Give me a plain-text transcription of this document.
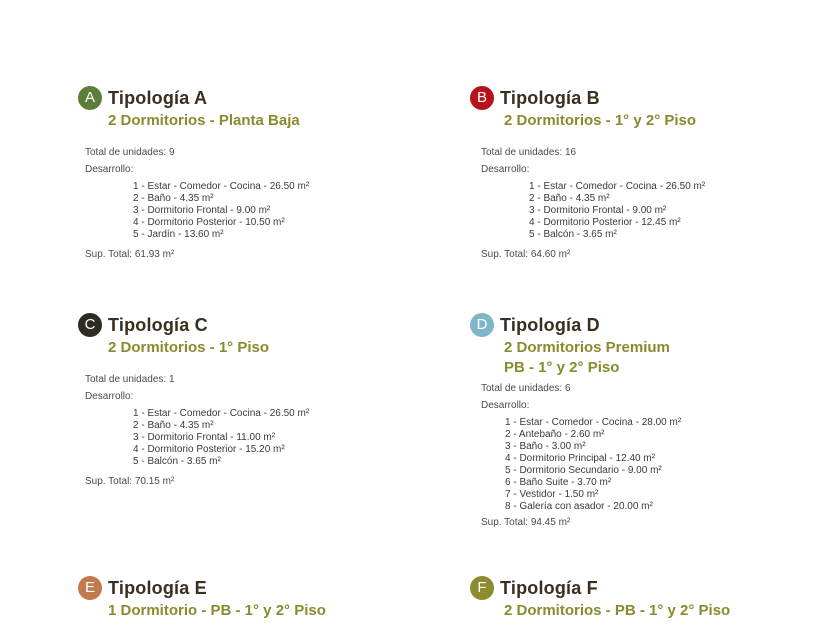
A Tipología A
2 Dormitorios - Planta Baja
Total de unidades: 9
Desarrollo:
1 - Estar - Comedor - Cocina - 26.50 m²
2 - Baño - 4.35 m²
3 - Dormitorio Frontal - 9.00 m²
4 - Dormitorio Posterior - 10.50 m²
5 - Jardín - 13.60 m²
Sup. Total: 61.93 m²
B Tipología B
2 Dormitorios - 1° y 2° Piso
Total de unidades: 16
Desarrollo:
1 - Estar - Comedor - Cocina - 26.50 m²
2 - Baño - 4.35 m²
3 - Dormitorio Frontal - 9.00 m²
4 - Dormitorio Posterior - 12.45 m²
5 - Balcón - 3.65 m²
Sup. Total: 64.60 m²
C Tipología C
2 Dormitorios - 1° Piso
Total de unidades: 1
Desarrollo:
1 - Estar - Comedor - Cocina - 26.50 m²
2 - Baño - 4.35 m²
3 - Dormitorio Frontal - 11.00 m²
4 - Dormitorio Posterior - 15.20 m²
5 - Balcón - 3.65 m²
Sup. Total: 70.15 m²
D Tipología D
2 Dormitorios Premium
PB - 1° y 2° Piso
Total de unidades: 6
Desarrollo:
1 - Estar - Comedor - Cocina - 28.00 m²
2 - Antebaño - 2.60 m²
3 - Baño - 3.00 m²
4 - Dormitorio Principal - 12.40 m²
5 - Dormitorio Secundario - 9.00 m²
6 - Baño Suite - 3.70 m²
7 - Vestidor - 1.50 m²
8 - Galería con asador - 20.00 m²
Sup. Total: 94.45 m²
E Tipología E
1 Dormitorio - PB - 1° y 2° Piso
F Tipología F
2 Dormitorios - PB - 1° y 2° Piso
